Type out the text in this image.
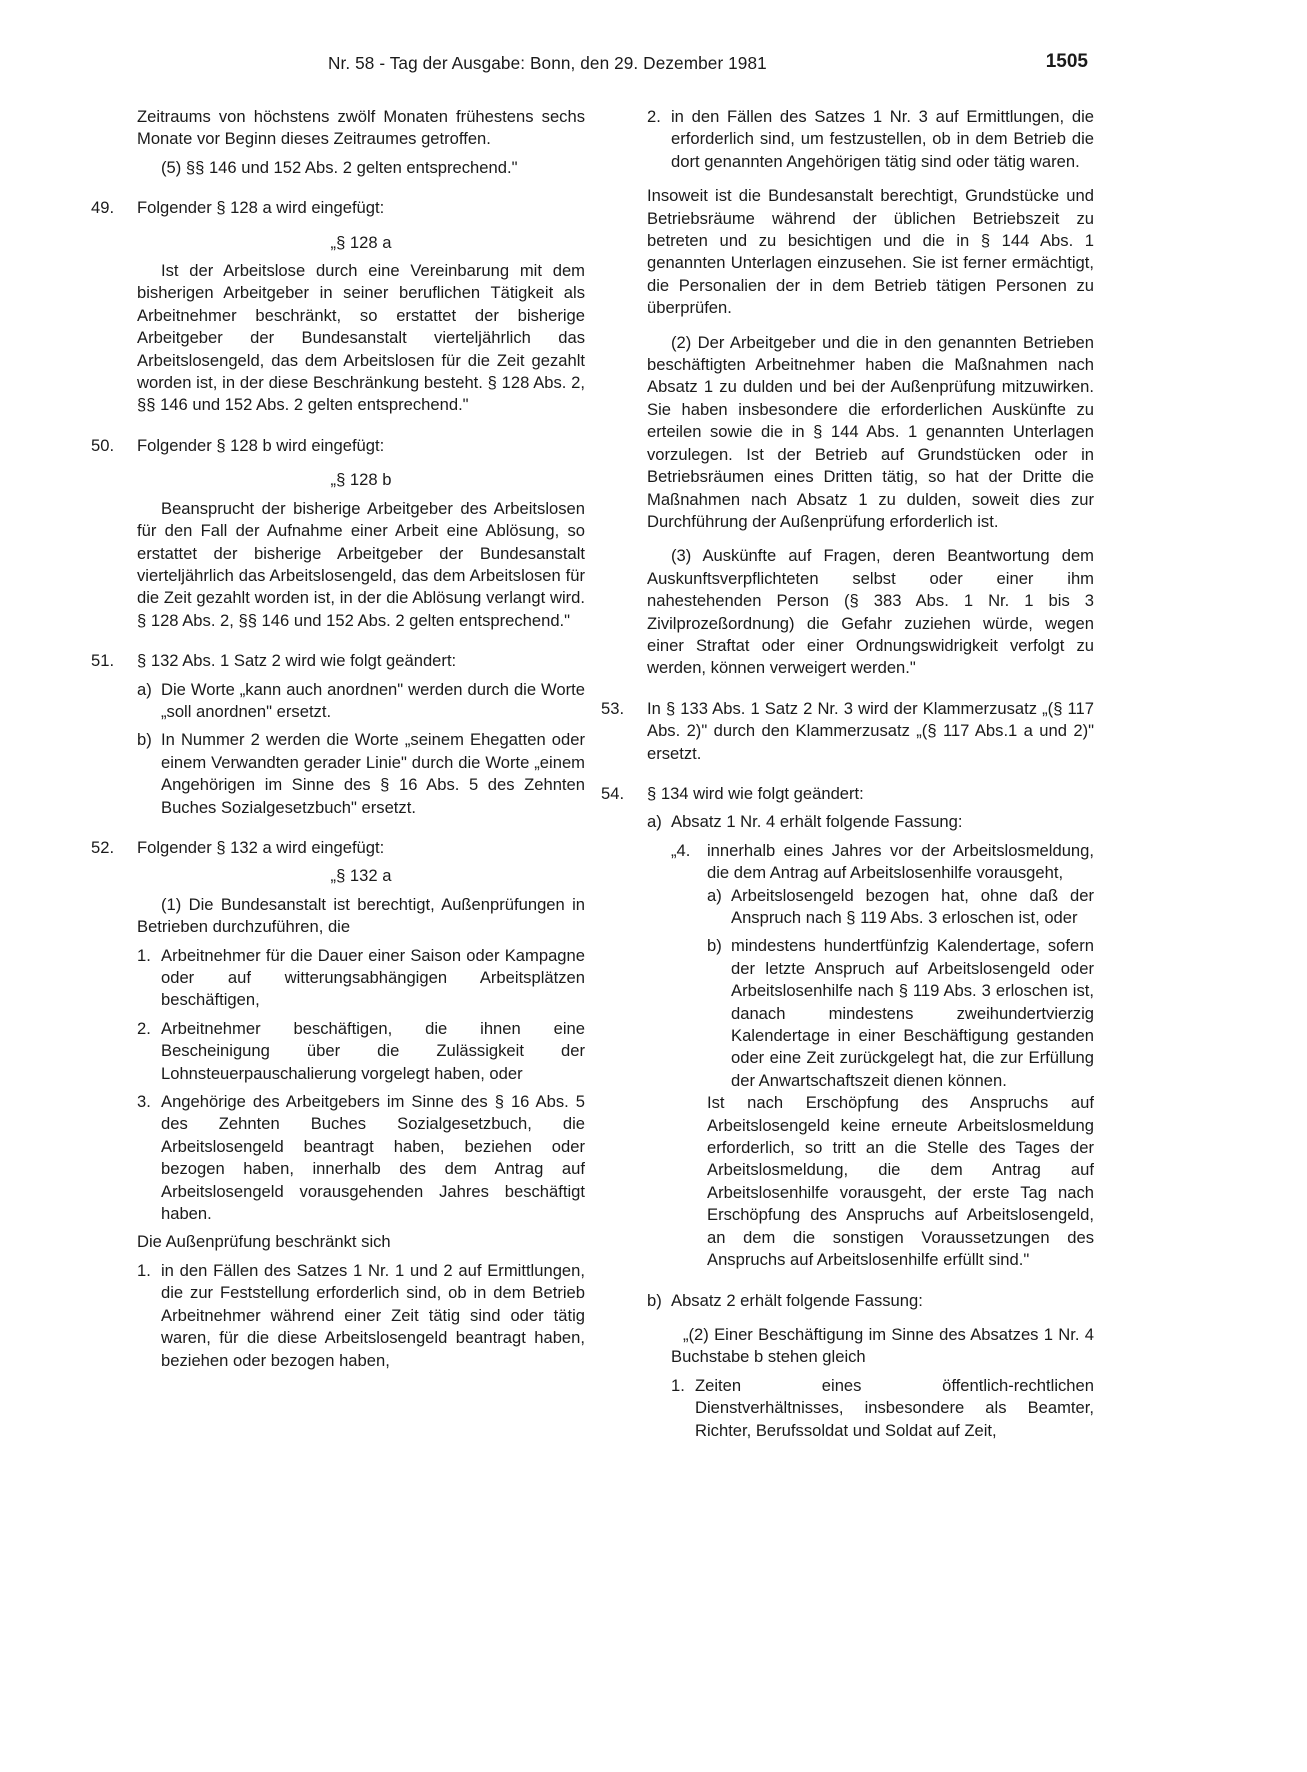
Nr. 58 - Tag der Ausgabe: Bonn, den 29. Dezember 1981	1505

Zeitraums von höchstens zwölf Monaten frühestens sechs Monate vor Beginn dieses Zeitraumes getroffen.

(5) §§ 146 und 152 Abs. 2 gelten entsprechend."

49. Folgender § 128 a wird eingefügt:

„§ 128 a

Ist der Arbeitslose durch eine Vereinbarung mit dem bisherigen Arbeitgeber in seiner beruflichen Tätigkeit als Arbeitnehmer beschränkt, so erstattet der bisherige Arbeitgeber der Bundesanstalt vierteljährlich das Arbeitslosengeld, das dem Arbeitslosen für die Zeit gezahlt worden ist, in der diese Beschränkung besteht. § 128 Abs. 2, §§ 146 und 152 Abs. 2 gelten entsprechend."

50. Folgender § 128 b wird eingefügt:

„§ 128 b

Beansprucht der bisherige Arbeitgeber des Arbeitslosen für den Fall der Aufnahme einer Arbeit eine Ablösung, so erstattet der bisherige Arbeitgeber der Bundesanstalt vierteljährlich das Arbeitslosengeld, das dem Arbeitslosen für die Zeit gezahlt worden ist, in der die Ablösung verlangt wird. § 128 Abs. 2, §§ 146 und 152 Abs. 2 gelten entsprechend."

51. § 132 Abs. 1 Satz 2 wird wie folgt geändert:
a) Die Worte „kann auch anordnen" werden durch die Worte „soll anordnen" ersetzt.
b) In Nummer 2 werden die Worte „seinem Ehegatten oder einem Verwandten gerader Linie" durch die Worte „einem Angehörigen im Sinne des § 16 Abs. 5 des Zehnten Buches Sozialgesetzbuch" ersetzt.
52. Folgender § 132 a wird eingefügt:

„§ 132 a

(1) Die Bundesanstalt ist berechtigt, Außenprüfungen in Betrieben durchzuführen, die

1. Arbeitnehmer für die Dauer einer Saison oder Kampagne oder auf witterungsabhängigen Arbeitsplätzen beschäftigen,
2. Arbeitnehmer beschäftigen, die ihnen eine Bescheinigung über die Zulässigkeit der Lohnsteuerpauschalierung vorgelegt haben, oder
3. Angehörige des Arbeitgebers im Sinne des § 16 Abs. 5 des Zehnten Buches Sozialgesetzbuch, die Arbeitslosengeld beantragt haben, beziehen oder bezogen haben, innerhalb des dem Antrag auf Arbeitslosengeld vorausgehenden Jahres beschäftigt haben.

Die Außenprüfung beschränkt sich

1. in den Fällen des Satzes 1 Nr. 1 und 2 auf Ermittlungen, die zur Feststellung erforderlich sind, ob in dem Betrieb Arbeitnehmer während einer Zeit tätig sind oder tätig waren, für die diese Arbeitslosengeld beantragt haben, beziehen oder bezogen haben,
2. in den Fällen des Satzes 1 Nr. 3 auf Ermittlungen, die erforderlich sind, um festzustellen, ob in dem Betrieb die dort genannten Angehörigen tätig sind oder tätig waren.

Insoweit ist die Bundesanstalt berechtigt, Grundstücke und Betriebsräume während der üblichen Betriebszeit zu betreten und zu besichtigen und die in § 144 Abs. 1 genannten Unterlagen einzusehen. Sie ist ferner ermächtigt, die Personalien der in dem Betrieb tätigen Personen zu überprüfen.

(2) Der Arbeitgeber und die in den genannten Betrieben beschäftigten Arbeitnehmer haben die Maßnahmen nach Absatz 1 zu dulden und bei der Außenprüfung mitzuwirken. Sie haben insbesondere die erforderlichen Auskünfte zu erteilen sowie die in § 144 Abs. 1 genannten Unterlagen vorzulegen. Ist der Betrieb auf Grundstücken oder in Betriebsräumen eines Dritten tätig, so hat der Dritte die Maßnahmen nach Absatz 1 zu dulden, soweit dies zur Durchführung der Außenprüfung erforderlich ist.

(3) Auskünfte auf Fragen, deren Beantwortung dem Auskunftsverpflichteten selbst oder einer ihm nahestehenden Person (§ 383 Abs. 1 Nr. 1 bis 3 Zivilprozeßordnung) die Gefahr zuziehen würde, wegen einer Straftat oder einer Ordnungswidrigkeit verfolgt zu werden, können verweigert werden."

53. In § 133 Abs. 1 Satz 2 Nr. 3 wird der Klammerzusatz „(§ 117 Abs. 2)" durch den Klammerzusatz „(§ 117 Abs.1 a und 2)" ersetzt.
54. § 134 wird wie folgt geändert:
a) Absatz 1 Nr. 4 erhält folgende Fassung:
„4. innerhalb eines Jahres vor der Arbeitslosmeldung, die dem Antrag auf Arbeitslosenhilfe vorausgeht,
a) Arbeitslosengeld bezogen hat, ohne daß der Anspruch nach § 119 Abs. 3 erloschen ist, oder
b) mindestens hundertfünfzig Kalendertage, sofern der letzte Anspruch auf Arbeitslosengeld oder Arbeitslosenhilfe nach § 119 Abs. 3 erloschen ist, danach mindestens zweihundertvierzig Kalendertage in einer Beschäftigung gestanden oder eine Zeit zurückgelegt hat, die zur Erfüllung der Anwartschaftszeit dienen können.

Ist nach Erschöpfung des Anspruchs auf Arbeitslosengeld keine erneute Arbeitslosmeldung erforderlich, so tritt an die Stelle des Tages der Arbeitslosmeldung, die dem Antrag auf Arbeitslosenhilfe vorausgeht, der erste Tag nach Erschöpfung des Anspruchs auf Arbeitslosengeld, an dem die sonstigen Voraussetzungen des Anspruchs auf Arbeitslosenhilfe erfüllt sind."

b) Absatz 2 erhält folgende Fassung:

„(2) Einer Beschäftigung im Sinne des Absatzes 1 Nr. 4 Buchstabe b stehen gleich

1. Zeiten eines öffentlich-rechtlichen Dienstverhältnisses, insbesondere als Beamter, Richter, Berufssoldat und Soldat auf Zeit,
